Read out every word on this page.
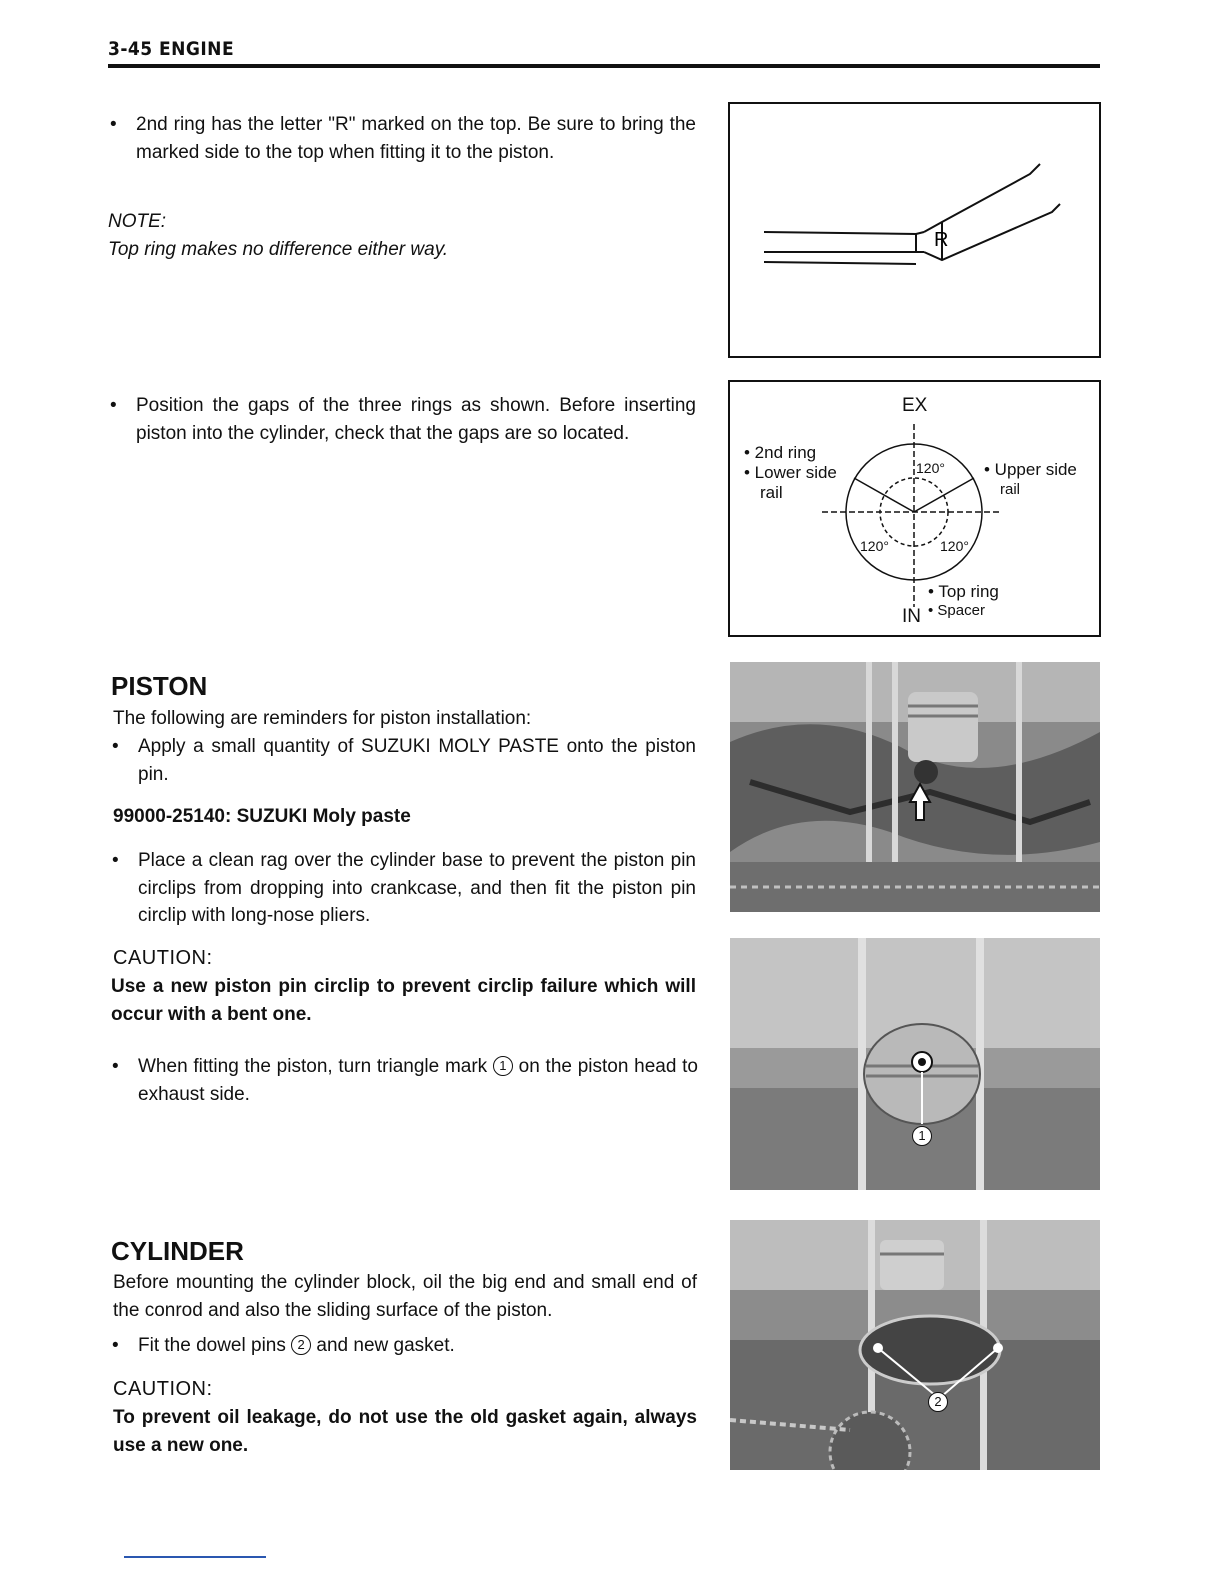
3-45 ENGINE
• 2nd ring has the letter "R" marked on the top. Be sure to bring the marked side to the top when fitting it to the piston.
NOTE:
Top ring makes no difference either way.	R
• Position the gaps of the three rings as shown. Before inserting piston into the cylinder, check that the gaps are so located.
EX
120°
120°	120°
• 2nd ring
• Lower side
rail
• Upper side
rail
• Top ring
• Spacer
IN
PISTON
The following are reminders for piston installation:
• Apply a small quantity of SUZUKI MOLY PASTE onto the piston pin.
99000-25140: SUZUKI Moly paste
• Place a clean rag over the cylinder base to prevent the piston pin circlips from dropping into crankcase, and then fit the piston pin circlip with long-nose pliers.
CAUTION:
Use a new piston pin circlip to prevent circlip failure which will occur with a bent one.
• When fitting the piston, turn triangle mark 1 on the piston head to exhaust side.
1
CYLINDER
Before mounting the cylinder block, oil the big end and small end of the conrod and also the sliding surface of the piston.
• Fit the dowel pins 2 and new gasket.
CAUTION:
To prevent oil leakage, do not use the old gasket again, always use a new one.
2
